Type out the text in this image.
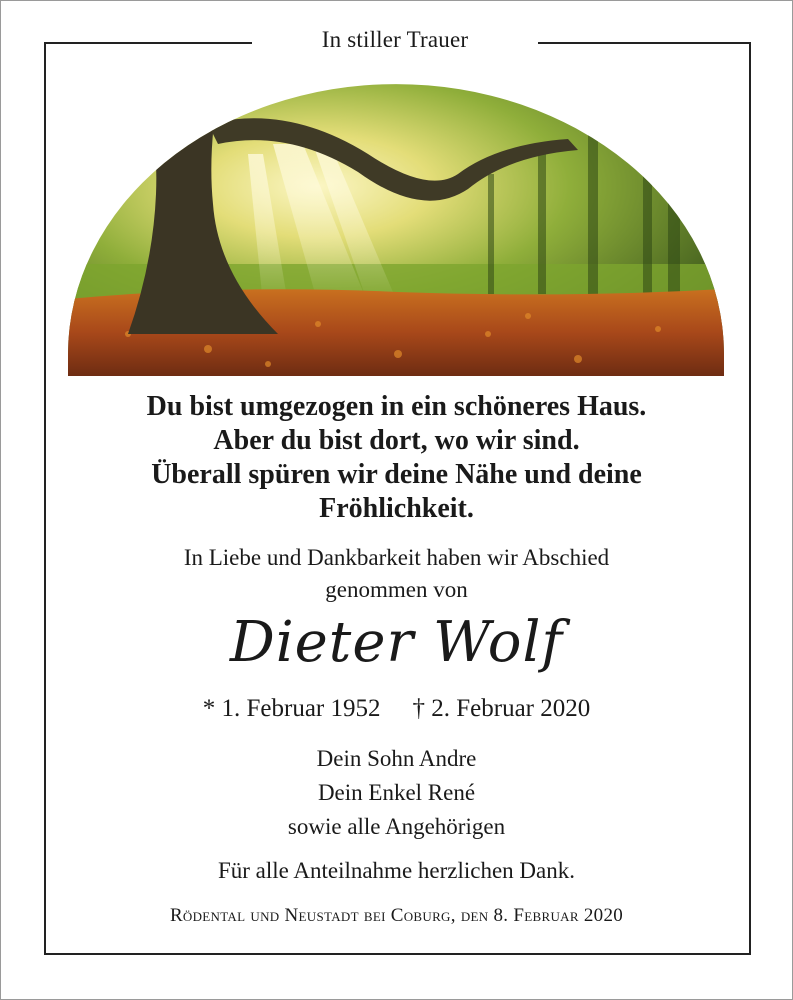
In stiller Trauer
Du bist umgezogen in ein schöneres Haus.
Aber du bist dort, wo wir sind.
Überall spüren wir deine Nähe und deine
Fröhlichkeit.
In Liebe und Dankbarkeit haben wir Abschied
genommen von
Dieter Wolf
* 1. Februar 1952 † 2. Februar 2020
Dein Sohn Andre
Dein Enkel René
sowie alle Angehörigen
Für alle Anteilnahme herzlichen Dank.
Rödental und Neustadt bei Coburg, den 8. Februar 2020
